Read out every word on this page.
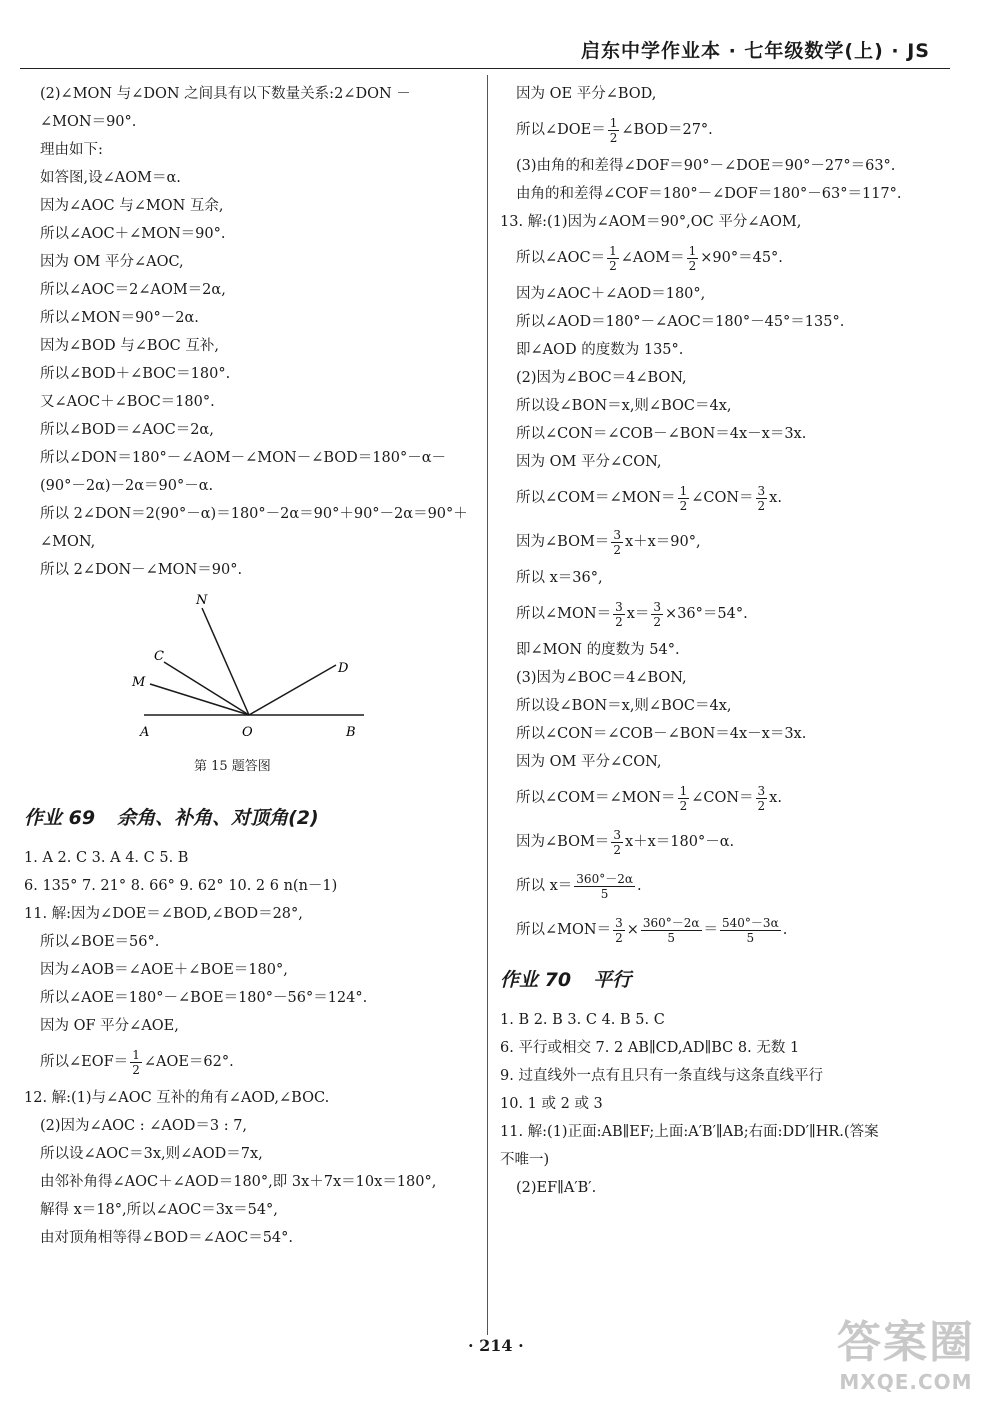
启东中学作业本 · 七年级数学(上) · JS
(2)∠MON 与∠DON 之间具有以下数量关系:2∠DON －
∠MON＝90°.
理由如下:
如答图,设∠AOM＝α.
因为∠AOC 与∠MON 互余,
所以∠AOC＋∠MON＝90°.
因为 OM 平分∠AOC,
所以∠AOC＝2∠AOM＝2α,
所以∠MON＝90°－2α.
因为∠BOD 与∠BOC 互补,
所以∠BOD＋∠BOC＝180°.
又∠AOC＋∠BOC＝180°.
所以∠BOD＝∠AOC＝2α,
所以∠DON＝180°－∠AOM－∠MON－∠BOD＝180°－α－
(90°－2α)－2α＝90°－α.
所以 2∠DON＝2(90°－α)＝180°－2α＝90°＋90°－2α＝90°＋
∠MON,
所以 2∠DON－∠MON＝90°.
N
C
M
D
A	O	B
第 15 题答图
作业 69 余角、补角、对顶角(2)
1. A 2. C 3. A 4. C 5. B
6. 135° 7. 21° 8. 66° 9. 62° 10. 2 6 n(n－1)
11. 解:因为∠DOE＝∠BOD,∠BOD＝28°,
所以∠BOE＝56°.
因为∠AOB＝∠AOE＋∠BOE＝180°,
所以∠AOE＝180°－∠BOE＝180°－56°＝124°.
因为 OF 平分∠AOE,
所以∠EOF＝ $\frac{1}{2}$ ∠AOE＝62°.
12. 解:(1)与∠AOC 互补的角有∠AOD,∠BOC.
(2)因为∠AOC : ∠AOD＝3 : 7,
所以设∠AOC＝3x,则∠AOD＝7x,
由邻补角得∠AOC＋∠AOD＝180°,即 3x＋7x＝10x＝180°,
解得 x＝18°,所以∠AOC＝3x＝54°,
由对顶角相等得∠BOD＝∠AOC＝54°.
因为 OE 平分∠BOD,
所以∠DOE＝ $\frac{1}{2}$ ∠BOD＝27°.
(3)由角的和差得∠DOF＝90°－∠DOE＝90°－27°＝63°.
由角的和差得∠COF＝180°－∠DOF＝180°－63°＝117°.
13. 解:(1)因为∠AOM＝90°,OC 平分∠AOM,
所以∠AOC＝ $\frac{1}{2}$ ∠AOM＝ $\frac{1}{2} \times 90^\circ=45^\circ$.
因为∠AOC＋∠AOD＝180°,
所以∠AOD＝180°－∠AOC＝180°－45°＝135°.
即∠AOD 的度数为 135°.
(2)因为∠BOC＝4∠BON,
所以设∠BON＝x,则∠BOC＝4x,
所以∠CON＝∠COB－∠BON＝4x－x＝3x.
因为 OM 平分∠CON,
所以∠COM＝∠MON＝ $\frac{1}{2}$ ∠CON＝ $\frac{3}{2} x$.
因为∠BOM＝ $\frac{3}{2} x+x=90^\circ$,
所以 x＝36°,
所以∠MON＝ $\frac{3}{2} x= \frac{3}{2} \times 36^\circ=54^\circ$.
即∠MON 的度数为 54°.
(3)因为∠BOC＝4∠BON,
所以设∠BON＝x,则∠BOC＝4x,
所以∠CON＝∠COB－∠BON＝4x－x＝3x.
因为 OM 平分∠CON,
所以∠COM＝∠MON＝ $\frac{1}{2}$ ∠CON＝ $\frac{3}{2} x$.
因为∠BOM＝ $\frac{3}{2} x+x=180^\circ-\alpha$.
所以 $x= \frac{360^\circ-2\alpha}{5}$ .
所以∠MON＝ $\frac{3}{2} \times \frac{360^\circ-2\alpha}{5} = \frac{540^\circ-3\alpha}{5}$ .
作业 70 平行
1. B 2. B 3. C 4. B 5. C
6. 平行或相交 7. 2 AB∥CD,AD∥BC 8. 无数 1
9. 过直线外一点有且只有一条直线与这条直线平行
10. 1 或 2 或 3
11. 解:(1)正面:AB∥EF;上面:A′B′∥AB;右面:DD′∥HR.(答案
不唯一)
(2)EF∥A′B′.
· 214 ·	答案圈
MXQE.COM
